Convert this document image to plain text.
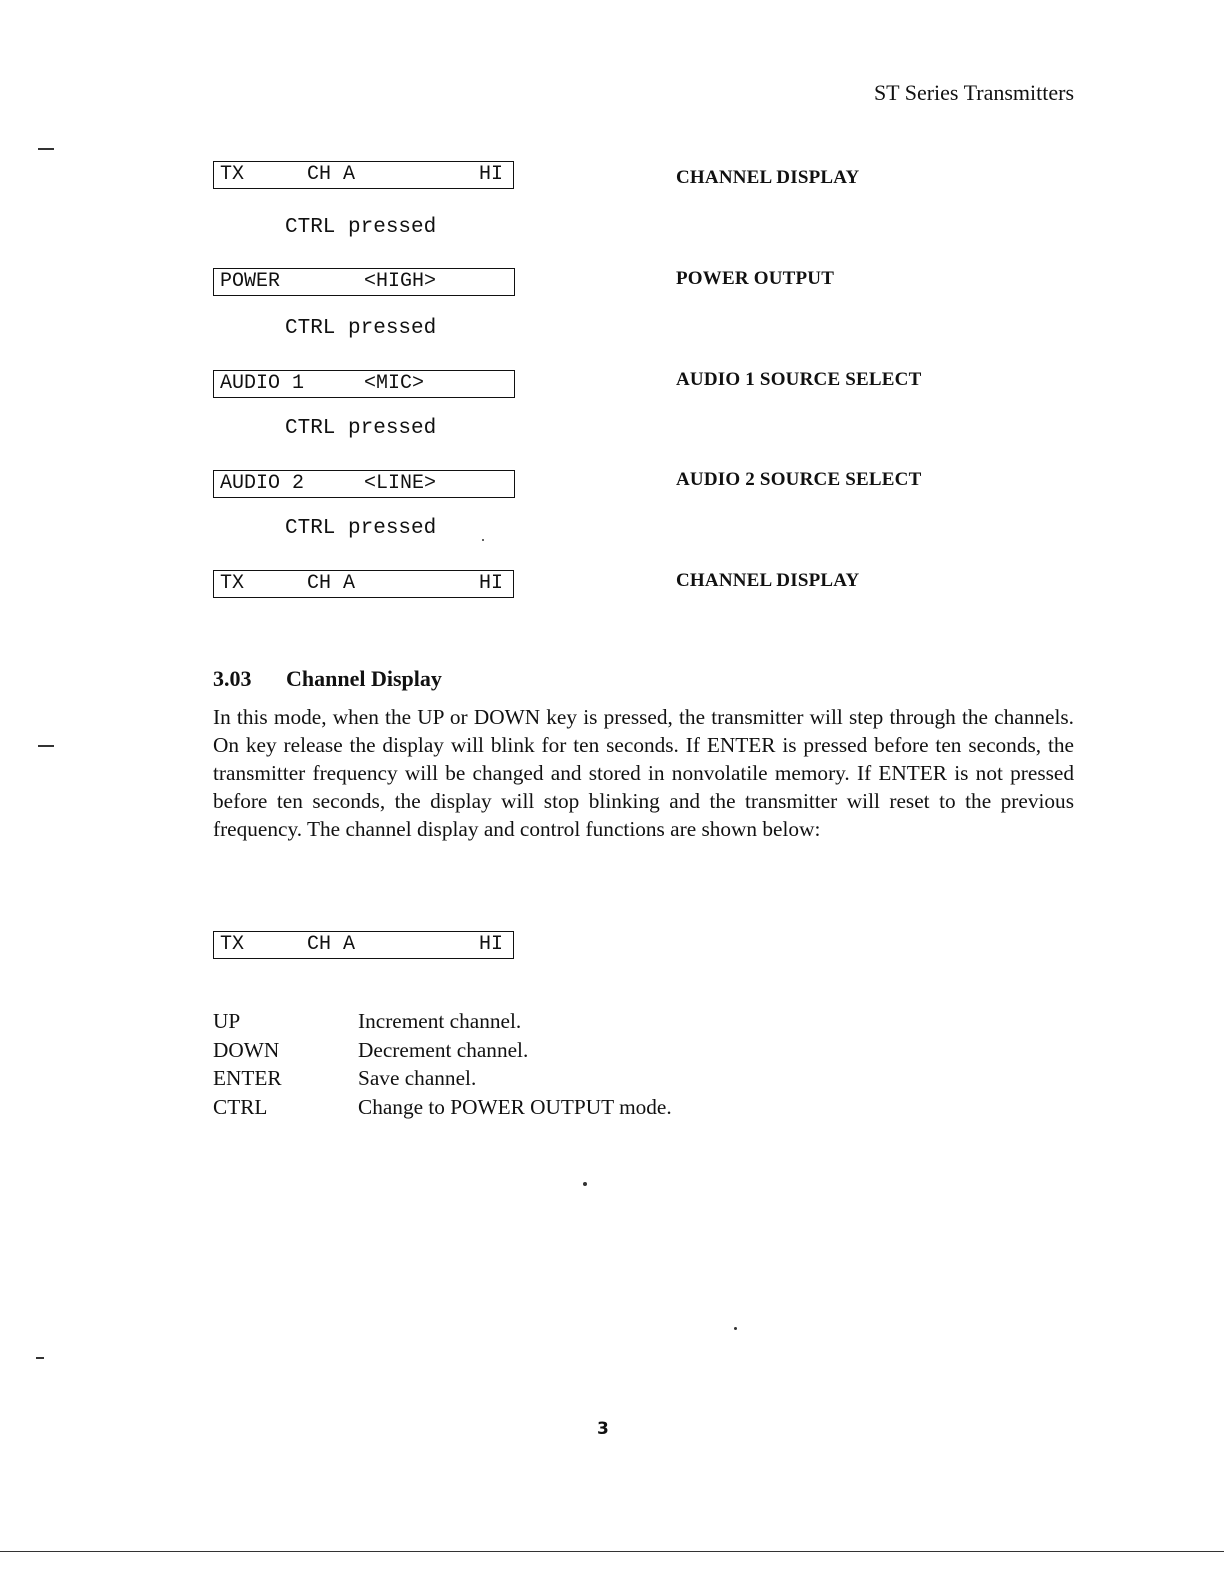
ST Series Transmitters
TX	CH A	HI	CHANNEL DISPLAY
CTRL pressed
POWER	<HIGH>	POWER OUTPUT
CTRL pressed
AUDIO 1	<MIC>	AUDIO 1 SOURCE SELECT
CTRL pressed
AUDIO 2	<LINE>	AUDIO 2 SOURCE SELECT
CTRL pressed
TX	CH A	HI	CHANNEL DISPLAY
3.03 Channel Display

In this mode, when the UP or DOWN key is pressed, the transmitter will step through the channels. On key release the display will blink for ten seconds. If ENTER is pressed before ten seconds, the transmitter frequency will be changed and stored in nonvolatile memory. If ENTER is not pressed before ten seconds, the display will stop blinking and the transmitter will reset to the previous frequency. The channel display and control functions are shown below:

TX	CH A	HI
UP	Increment channel.
DOWN	Decrement channel.
ENTER	Save channel.
CTRL	Change to POWER OUTPUT mode.
3
